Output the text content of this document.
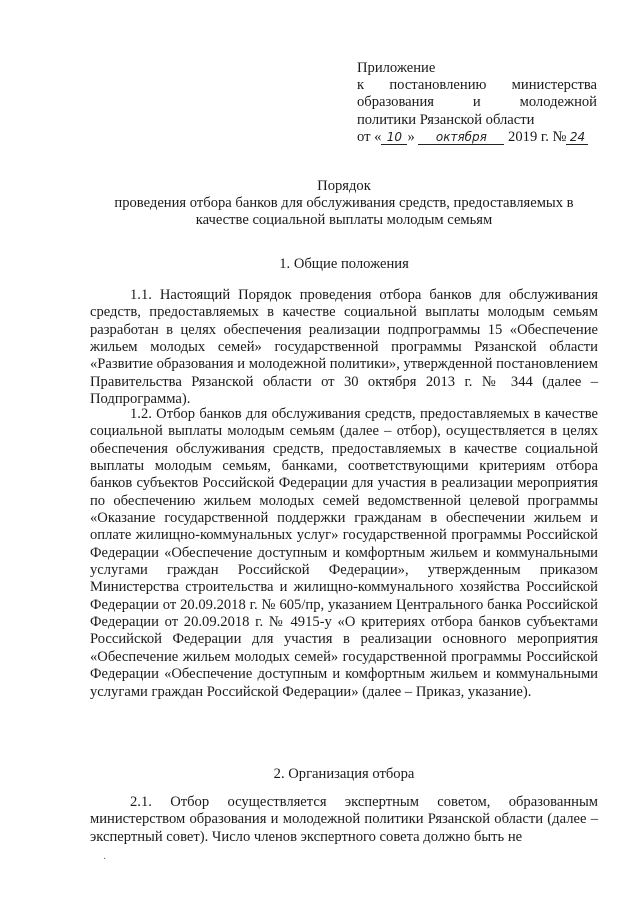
Приложение
к постановлению министерства
образования и молодежной
политики Рязанской области
от « 10 » октября 2019 г. № 24
Порядок
проведения отбора банков для обслуживания средств, предоставляемых в
качестве социальной выплаты молодым семьям
1. Общие положения

1.1. Настоящий Порядок проведения отбора банков для обслуживания средств, предоставляемых в качестве социальной выплаты молодым семьям разработан в целях обеспечения реализации подпрограммы 15 «Обеспечение жильем молодых семей» государственной программы Рязанской области «Развитие образования и молодежной политики», утвержденной постановлением Правительства Рязанской области от 30 октября 2013 г. № 344 (далее – Подпрограмма).

1.2. Отбор банков для обслуживания средств, предоставляемых в качестве социальной выплаты молодым семьям (далее – отбор), осуществляется в целях обеспечения обслуживания средств, предоставляемых в качестве социальной выплаты молодым семьям, банками, соответствующими критериям отбора банков субъектов Российской Федерации для участия в реализации мероприятия по обеспечению жильем молодых семей ведомственной целевой программы «Оказание государственной поддержки гражданам в обеспечении жильем и оплате жилищно-коммунальных услуг» государственной программы Российской Федерации «Обеспечение доступным и комфортным жильем и коммунальными услугами граждан Российской Федерации», утвержденным приказом Министерства строительства и жилищно-коммунального хозяйства Российской Федерации от 20.09.2018 г. № 605/пр, указанием Центрального банка Российской Федерации от 20.09.2018 г. № 4915-у «О критериях отбора банков субъектами Российской Федерации для участия в реализации основного мероприятия «Обеспечение жильем молодых семей» государственной программы Российской Федерации «Обеспечение доступным и комфортным жильем и коммунальными услугами граждан Российской Федерации» (далее – Приказ, указание).

2. Организация отбора

2.1. Отбор осуществляется экспертным советом, образованным министерством образования и молодежной политики Рязанской области (далее – экспертный совет). Число членов экспертного совета должно быть не

·
